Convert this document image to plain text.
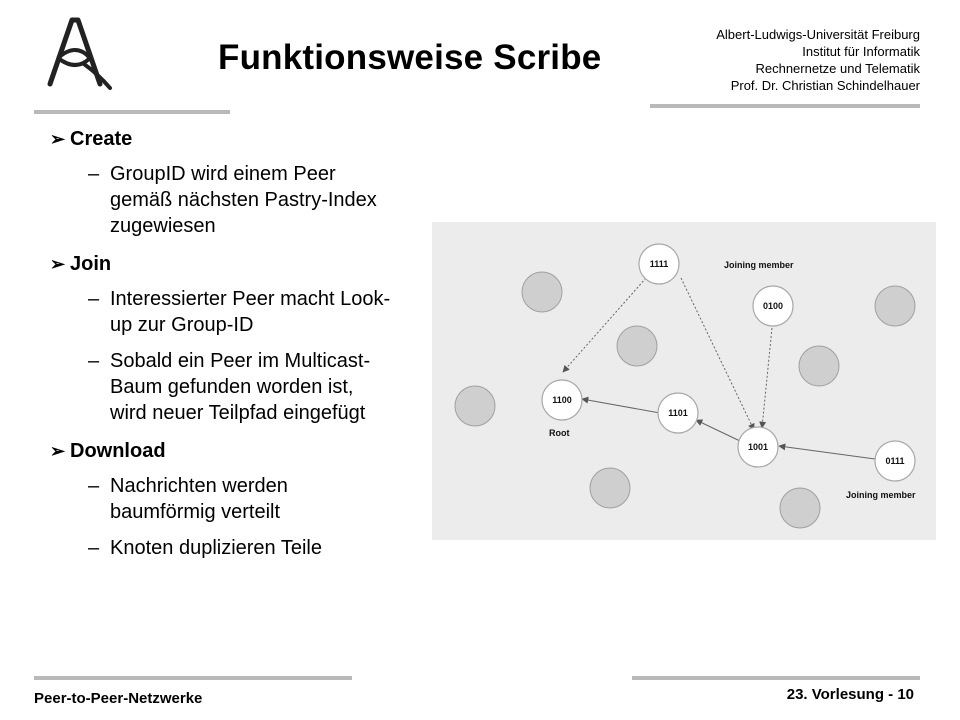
Funktionsweise Scribe
Albert-Ludwigs-Universität Freiburg
Institut für Informatik
Rechnernetze und Telematik
Prof. Dr. Christian Schindelhauer
➢ Create
– GroupID wird einem Peer gemäß nächsten Pastry-Index zugewiesen
➢ Join
– Interessierter Peer macht Look-up zur Group-ID
– Sobald ein Peer im Multicast-Baum gefunden worden ist, wird neuer Teilpfad eingefügt
➢ Download
– Nachrichten werden baumförmig verteilt
– Knoten duplizieren Teile
1111
0100
1100
1101
1001
0111
Joining member
Root
Joining member
Peer-to-Peer-Netzwerke	23. Vorlesung - 10
